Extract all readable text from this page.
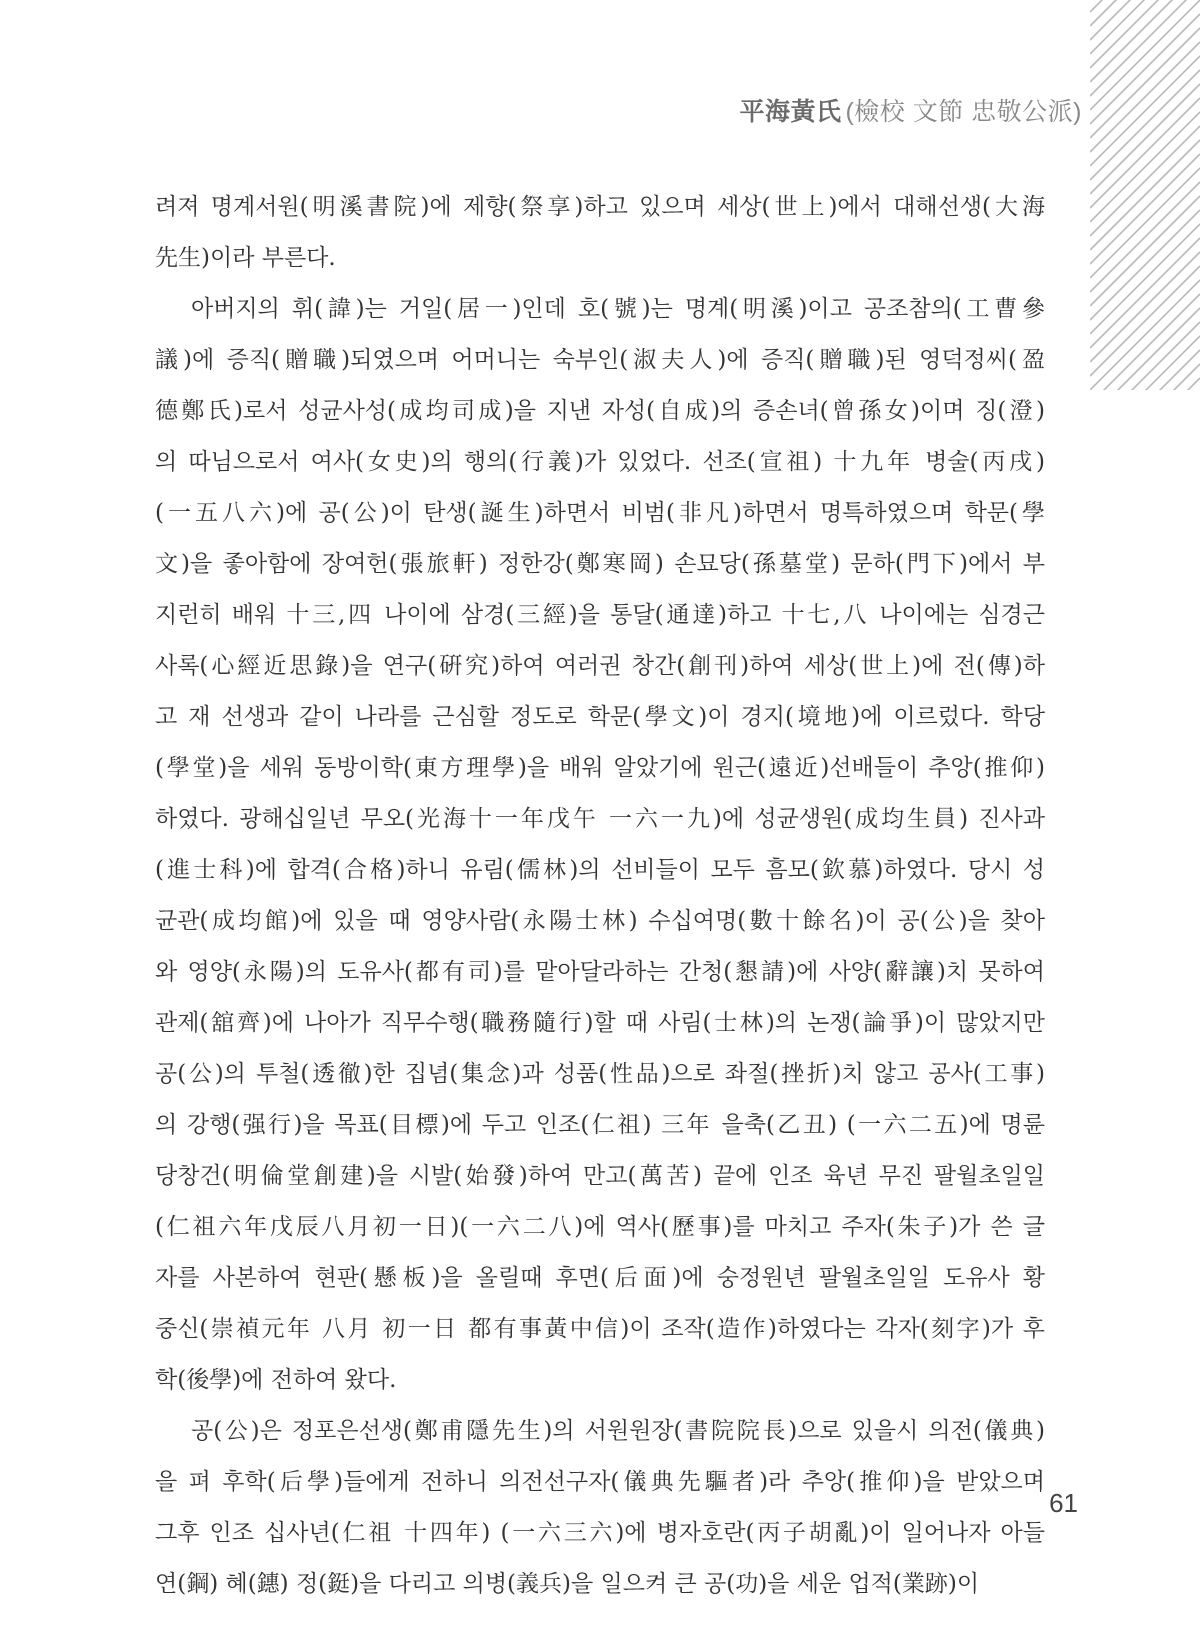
平海黃氏 (檢校 文節 忠敬公派)

려져 명계서원(明溪書院)에 제향(祭享)하고 있으며 세상(世上)에서 대해선생(大海
先生)이라 부른다.

아버지의 휘(諱)는 거일(居一)인데 호(號)는 명계(明溪)이고 공조참의(工曹參
議)에 증직(贈職)되였으며 어머니는 숙부인(淑夫人)에 증직(贈職)된 영덕정씨(盈
德鄭氏)로서 성균사성(成均司成)을 지낸 자성(自成)의 증손녀(曾孫女)이며 징(澄)
의 따님으로서 여사(女史)의 행의(行義)가 있었다. 선조(宣祖) 十九年 병술(丙戌)
(一五八六)에 공(公)이 탄생(誕生)하면서 비범(非凡)하면서 명특하였으며 학문(學
文)을 좋아함에 장여헌(張旅軒) 정한강(鄭寒岡) 손묘당(孫墓堂) 문하(門下)에서 부
지런히 배워 十三,四 나이에 삼경(三經)을 통달(通達)하고 十七,八 나이에는 심경근
사록(心經近思錄)을 연구(硏究)하여 여러권 창간(創刊)하여 세상(世上)에 전(傳)하
고 재 선생과 같이 나라를 근심할 정도로 학문(學文)이 경지(境地)에 이르렀다. 학당
(學堂)을 세워 동방이학(東方理學)을 배워 알았기에 원근(遠近)선배들이 추앙(推仰)
하였다. 광해십일년 무오(光海十一年戊午 一六一九)에 성균생원(成均生員) 진사과
(進士科)에 합격(合格)하니 유림(儒林)의 선비들이 모두 흠모(欽慕)하였다. 당시 성
균관(成均館)에 있을 때 영양사람(永陽士林) 수십여명(數十餘名)이 공(公)을 찾아
와 영양(永陽)의 도유사(都有司)를 맡아달라하는 간청(懇請)에 사양(辭讓)치 못하여
관제(舘齊)에 나아가 직무수행(職務隨行)할 때 사림(士林)의 논쟁(論爭)이 많았지만
공(公)의 투철(透徹)한 집념(集念)과 성품(性品)으로 좌절(挫折)치 않고 공사(工事)
의 강행(强行)을 목표(目標)에 두고 인조(仁祖) 三年 을축(乙丑) (一六二五)에 명륜
당창건(明倫堂創建)을 시발(始發)하여 만고(萬苦) 끝에 인조 육년 무진 팔월초일일
(仁祖六年戊辰八月初一日)(一六二八)에 역사(歷事)를 마치고 주자(朱子)가 쓴 글
자를 사본하여 현판(懸板)을 올릴때 후면(后面)에 숭정원년 팔월초일일 도유사 황
중신(崇禎元年 八月 初一日 都有事黃中信)이 조작(造作)하였다는 각자(刻字)가 후
학(後學)에 전하여 왔다.

공(公)은 정포은선생(鄭甫隱先生)의 서원원장(書院院長)으로 있을시 의전(儀典)
을 펴 후학(后學)들에게 전하니 의전선구자(儀典先驅者)라 추앙(推仰)을 받았으며
그후 인조 십사년(仁祖 十四年) (一六三六)에 병자호란(丙子胡亂)이 일어나자 아들
연(鋼) 혜(鏸) 정(鋌)을 다리고 의병(義兵)을 일으켜 큰 공(功)을 세운 업적(業跡)이

61
